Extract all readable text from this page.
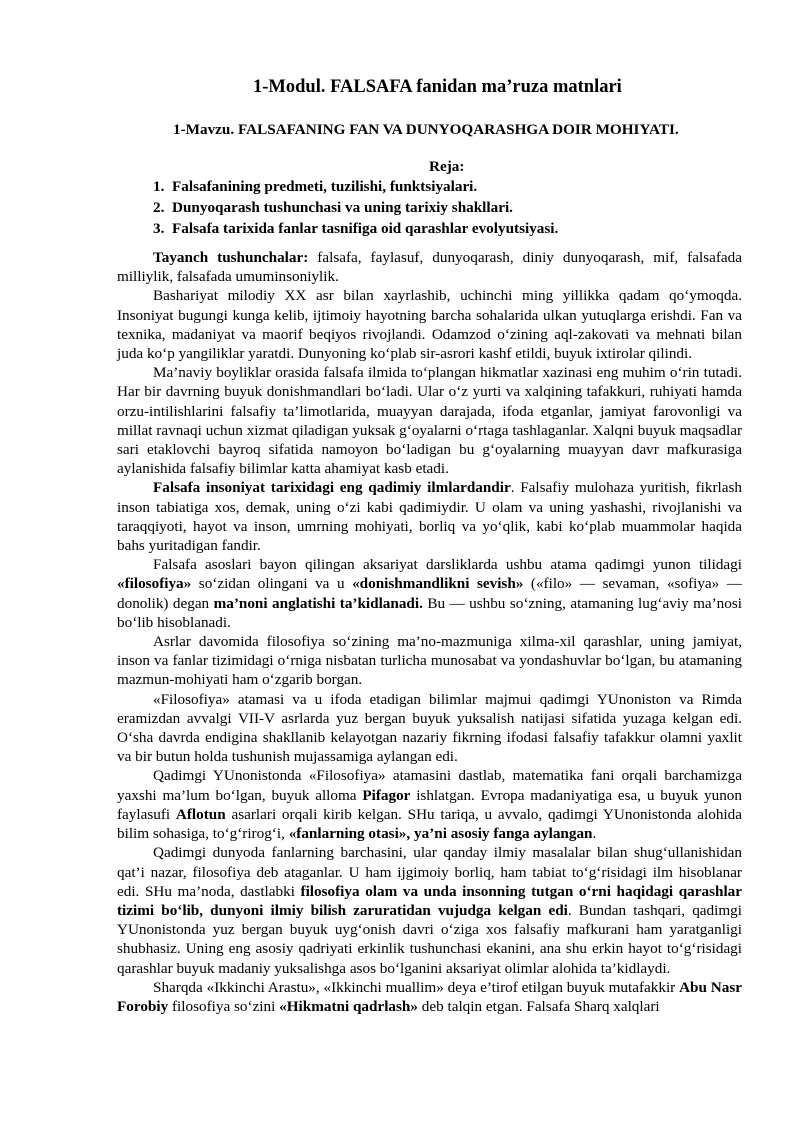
1-Modul. FALSAFA fanidan ma’ruza matnlari
1-Mavzu. FALSAFANING FAN VA DUNYOQARASHGA DOIR MOHIYATI.
Reja:
1. Falsafanining predmeti, tuzilishi, funktsiyalari.
2. Dunyoqarash tushunchasi va uning tarixiy shakllari.
3. Falsafa tarixida fanlar tasnifiga oid qarashlar evolyutsiyasi.

Tayanch tushunchalar: falsafa, faylasuf, dunyoqarash, diniy dunyoqarash, mif, falsafada milliylik, falsafada umuminsoniylik.

Bashariyat milodiy XX asr bilan xayrlashib, uchinchi ming yillikka qadam qo‘ymoqda. Insoniyat bugungi kunga kelib, ijtimoiy hayotning barcha sohalarida ulkan yutuqlarga erishdi. Fan va texnika, madaniyat va maorif beqiyos rivojlandi. Odamzod o‘zining aql-zakovati va mehnati bilan juda ko‘p yangiliklar yaratdi. Dunyoning ko‘plab sir-asrori kashf etildi, buyuk ixtirolar qilindi.

Ma’naviy boyliklar orasida falsafa ilmida to‘plangan hikmatlar xazinasi eng muhim o‘rin tutadi. Har bir davrning buyuk donishmandlari bo‘ladi. Ular o‘z yurti va xalqining tafakkuri, ruhiyati hamda orzu-intilishlarini falsafiy ta’limotlarida, muayyan darajada, ifoda etganlar, jamiyat farovonligi va millat ravnaqi uchun xizmat qiladigan yuksak g‘oyalarni o‘rtaga tashlaganlar. Xalqni buyuk maqsadlar sari etaklovchi bayroq sifatida namoyon bo‘ladigan bu g‘oyalarning muayyan davr mafkurasiga aylanishida falsafiy bilimlar katta ahamiyat kasb etadi.

Falsafa insoniyat tarixidagi eng qadimiy ilmlardandir. Falsafiy mulohaza yuritish, fikrlash inson tabiatiga xos, demak, uning o‘zi kabi qadimiydir. U olam va uning yashashi, rivojlanishi va taraqqiyoti, hayot va inson, umrning mohiyati, borliq va yo‘qlik, kabi ko‘plab muammolar haqida bahs yuritadigan fandir.

Falsafa asoslari bayon qilingan aksariyat darsliklarda ushbu atama qadimgi yunon tilidagi «filosofiya» so‘zidan olingani va u «donishmandlikni sevish» («filo» — sevaman, «sofiya» — donolik) degan ma’noni anglatishi ta’kidlanadi. Bu — ushbu so‘zning, atamaning lug‘aviy ma’nosi bo‘lib hisoblanadi.

Asrlar davomida filosofiya so‘zining ma’no-mazmuniga xilma-xil qarashlar, uning jamiyat, inson va fanlar tizimidagi o‘rniga nisbatan turlicha munosabat va yondashuvlar bo‘lgan, bu atamaning mazmun-mohiyati ham o‘zgarib borgan.

«Filosofiya» atamasi va u ifoda etadigan bilimlar majmui qadimgi YUnoniston va Rimda eramizdan avvalgi VII-V asrlarda yuz bergan buyuk yuksalish natijasi sifatida yuzaga kelgan edi. O‘sha davrda endigina shakllanib kelayotgan nazariy fikrning ifodasi falsafiy tafakkur olamni yaxlit va bir butun holda tushunish mujassamiga aylangan edi.

Qadimgi YUnonistonda «Filosofiya» atamasini dastlab, matematika fani orqali barchamizga yaxshi ma’lum bo‘lgan, buyuk alloma Pifagor ishlatgan. Evropa madaniyatiga esa, u buyuk yunon faylasufi Aflotun asarlari orqali kirib kelgan. SHu tariqa, u avvalo, qadimgi YUnonistonda alohida bilim sohasiga, to‘g‘rirog‘i, «fanlarning otasi», ya’ni asosiy fanga aylangan.

Qadimgi dunyoda fanlarning barchasini, ular qanday ilmiy masalalar bilan shug‘ullanishidan qat’i nazar, filosofiya deb ataganlar. U ham ijgimoiy borliq, ham tabiat to‘g‘risidagi ilm hisoblanar edi. SHu ma’noda, dastlabki filosofiya olam va unda insonning tutgan o‘rni haqidagi qarashlar tizimi bo‘lib, dunyoni ilmiy bilish zaruratidan vujudga kelgan edi. Bundan tashqari, qadimgi YUnonistonda yuz bergan buyuk uyg‘onish davri o‘ziga xos falsafiy mafkurani ham yaratganligi shubhasiz. Uning eng asosiy qadriyati erkinlik tushunchasi ekanini, ana shu erkin hayot to‘g‘risidagi qarashlar buyuk madaniy yuksalishga asos bo‘lganini aksariyat olimlar alohida ta’kidlaydi.

Sharqda «Ikkinchi Arastu», «Ikkinchi muallim» deya e’tirof etilgan buyuk mutafakkir Abu Nasr Forobiy filosofiya so‘zini «Hikmatni qadrlash» deb talqin etgan. Falsafa Sharq xalqlari
